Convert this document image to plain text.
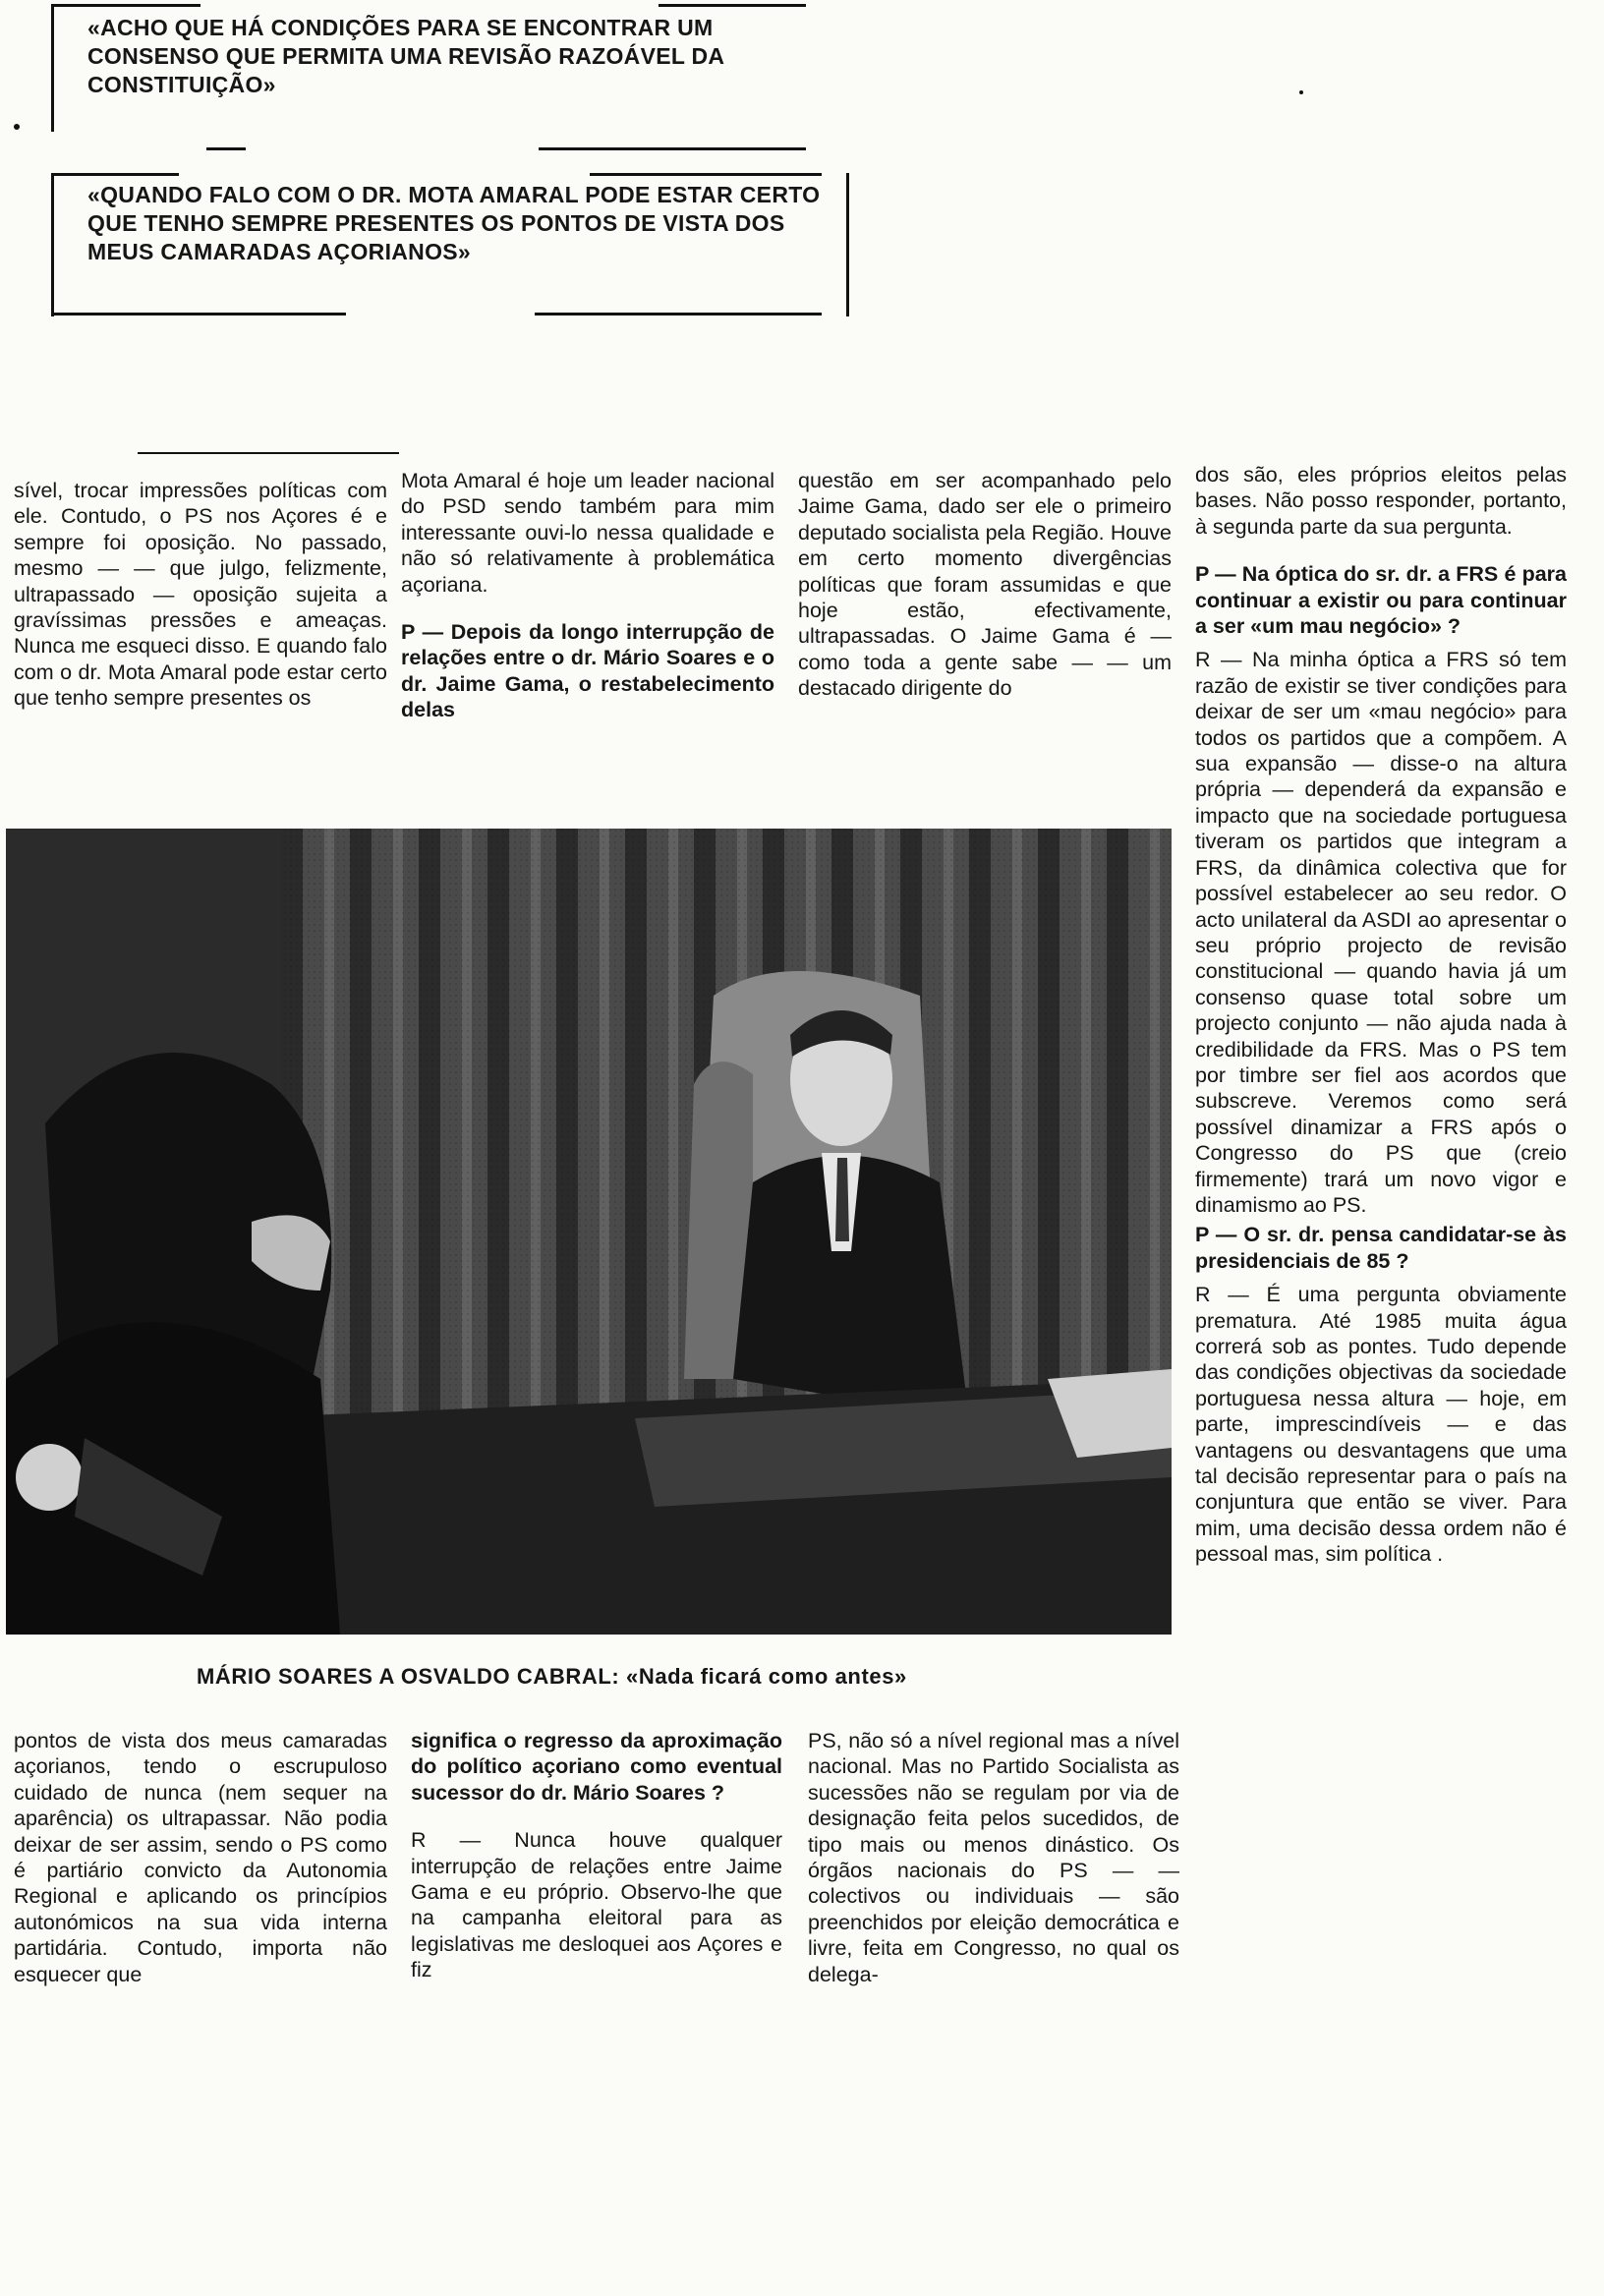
«ACHO QUE HÁ CONDIÇÕES PARA SE ENCONTRAR UM CONSENSO QUE PERMITA UMA REVISÃO RAZOÁVEL DA CONSTITUIÇÃO»
«QUANDO FALO COM O DR. MOTA AMARAL PODE ESTAR CERTO QUE TENHO SEMPRE PRESENTES OS PONTOS DE VISTA DOS MEUS CAMARADAS AÇORIANOS»

sível, trocar impressões políticas com ele. Contudo, o PS nos Açores é e sempre foi oposição. No passado, mesmo — — que julgo, felizmente, ultrapassado — oposição sujeita a gravíssimas pressões e ameaças. Nunca me esqueci disso. E quando falo com o dr. Mota Amaral pode estar certo que tenho sempre presentes os

Mota Amaral é hoje um leader nacional do PSD sendo também para mim interessante ouvi-lo nessa qualidade e não só relativamente à problemática açoriana.

P — Depois da longo interrupção de relações entre o dr. Mário Soares e o dr. Jaime Gama, o restabelecimento delas

questão em ser acompanhado pelo Jaime Gama, dado ser ele o primeiro deputado socialista pela Região. Houve em certo momento divergências políticas que foram assumidas e que hoje estão, efectivamente, ultrapassadas. O Jaime Gama é — como toda a gente sabe — — um destacado dirigente do

dos são, eles próprios eleitos pelas bases. Não posso responder, portanto, à segunda parte da sua pergunta.

P — Na óptica do sr. dr. a FRS é para continuar a existir ou para continuar a ser «um mau negócio» ?

R — Na minha óptica a FRS só tem razão de existir se tiver condições para deixar de ser um «mau negócio» para todos os partidos que a compõem. A sua expansão — disse-o na altura própria — dependerá da expansão e impacto que na sociedade portuguesa tiveram os partidos que integram a FRS, da dinâmica colectiva que for possível estabelecer ao seu redor. O acto unilateral da ASDI ao apresentar o seu próprio projecto de revisão constitucional — quando havia já um consenso quase total sobre um projecto conjunto — não ajuda nada à credibilidade da FRS. Mas o PS tem por timbre ser fiel aos acordos que subscreve. Veremos como será possível dinamizar a FRS após o Congresso do PS que (creio firmemente) trará um novo vigor e dinamismo ao PS.

P — O sr. dr. pensa candidatar-se às presidenciais de 85 ?

R — É uma pergunta obviamente prematura. Até 1985 muita água correrá sob as pontes. Tudo depende das condições objectivas da sociedade portuguesa nessa altura — hoje, em parte, imprescindíveis — e das vantagens ou desvantagens que uma tal decisão representar para o país na conjuntura que então se viver. Para mim, uma decisão dessa ordem não é pessoal mas, sim política .

MÁRIO SOARES A OSVALDO CABRAL: «Nada ficará como antes»

pontos de vista dos meus camaradas açorianos, tendo o escrupuloso cuidado de nunca (nem sequer na aparência) os ultrapassar. Não podia deixar de ser assim, sendo o PS como é partiário convicto da Autonomia Regional e aplicando os princípios autonómicos na sua vida interna partidária. Contudo, importa não esquecer que

significa o regresso da aproximação do político açoriano como eventual sucessor do dr. Mário Soares ?

R — Nunca houve qualquer interrupção de relações entre Jaime Gama e eu próprio. Observo-lhe que na campanha eleitoral para as legislativas me desloquei aos Açores e fiz

PS, não só a nível regional mas a nível nacional. Mas no Partido Socialista as sucessões não se regulam por via de designação feita pelos sucedidos, de tipo mais ou menos dinástico. Os órgãos nacionais do PS — — colectivos ou individuais — são preenchidos por eleição democrática e livre, feita em Congresso, no qual os delega-
